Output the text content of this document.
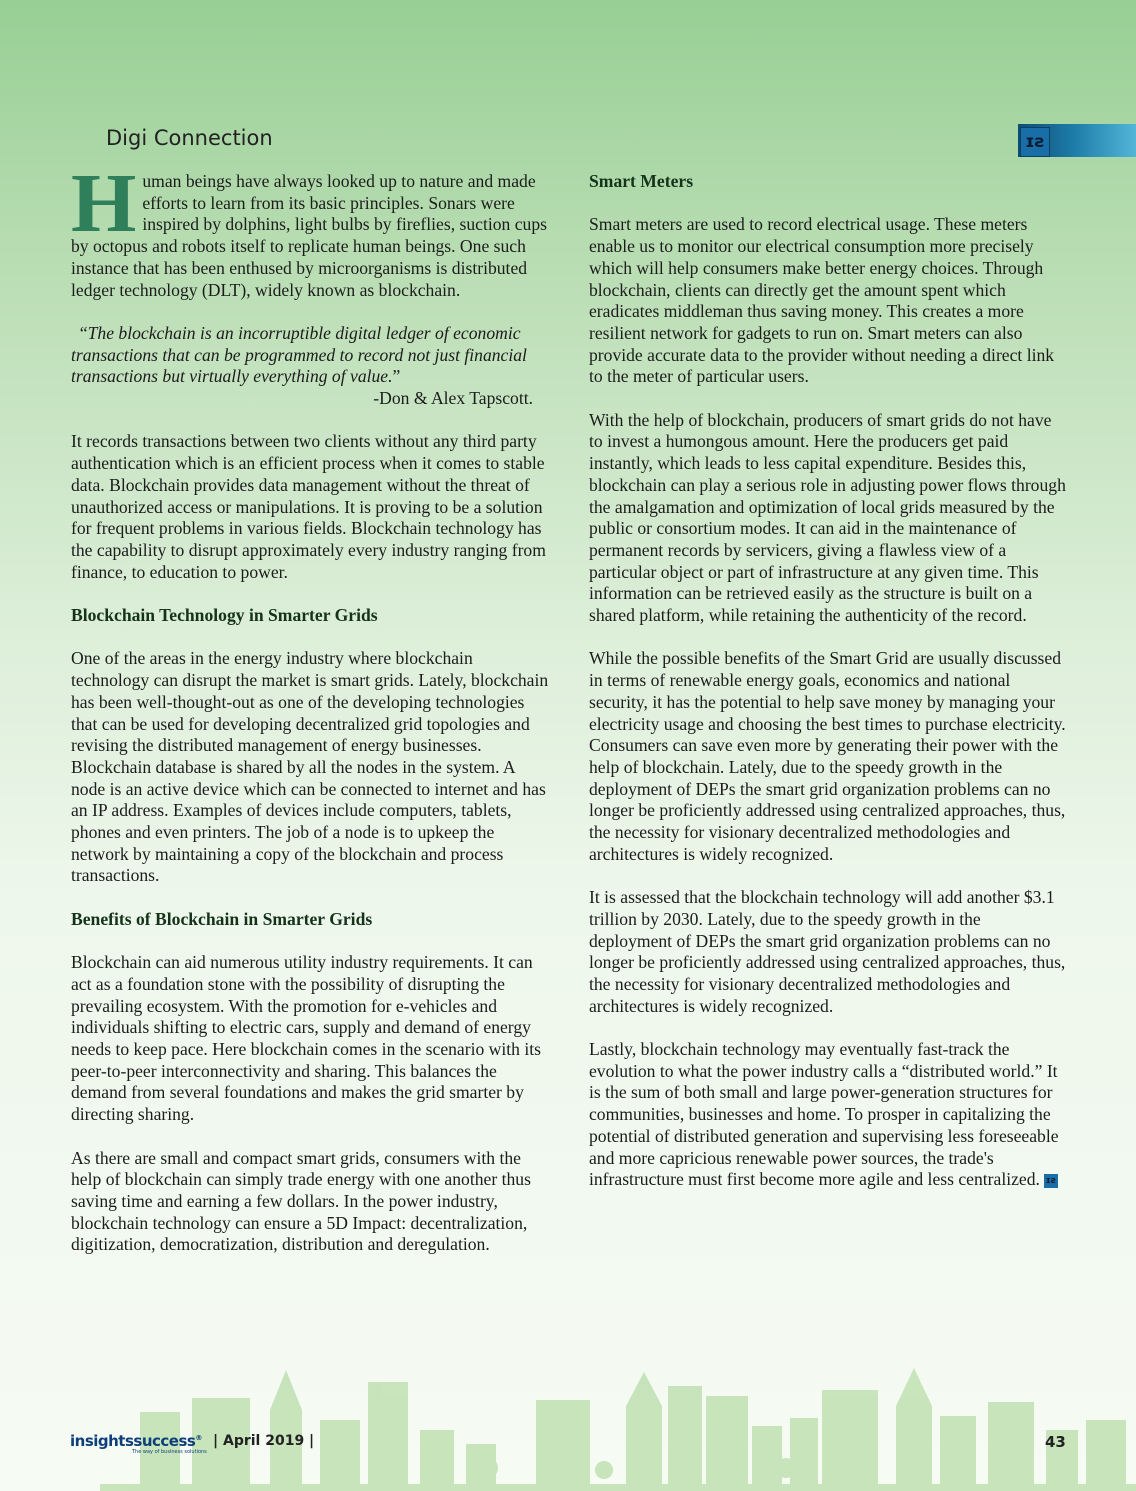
Digi Connection	ɪƨ

Human beings have always looked up to nature and made efforts to learn from its basic principles. Sonars were inspired by dolphins, light bulbs by fireflies, suction cups by octopus and robots itself to replicate human beings. One such instance that has been enthused by microorganisms is distributed ledger technology (DLT), widely known as blockchain.

“The blockchain is an incorruptible digital ledger of economic transactions that can be programmed to record not just financial transactions but virtually everything of value.”

-Don & Alex Tapscott.

It records transactions between two clients without any third party authentication which is an efficient process when it comes to stable data. Blockchain provides data management without the threat of unauthorized access or manipulations. It is proving to be a solution for frequent problems in various fields. Blockchain technology has the capability to disrupt approximately every industry ranging from finance, to education to power.

Blockchain Technology in Smarter Grids

One of the areas in the energy industry where blockchain technology can disrupt the market is smart grids. Lately, blockchain has been well-thought-out as one of the developing technologies that can be used for developing decentralized grid topologies and revising the distributed management of energy businesses. Blockchain database is shared by all the nodes in the system. A node is an active device which can be connected to internet and has an IP address. Examples of devices include computers, tablets, phones and even printers. The job of a node is to upkeep the network by maintaining a copy of the blockchain and process transactions.

Benefits of Blockchain in Smarter Grids

Blockchain can aid numerous utility industry requirements. It can act as a foundation stone with the possibility of disrupting the prevailing ecosystem. With the promotion for e-vehicles and individuals shifting to electric cars, supply and demand of energy needs to keep pace. Here blockchain comes in the scenario with its peer-to-peer interconnectivity and sharing. This balances the demand from several foundations and makes the grid smarter by directing sharing.

As there are small and compact smart grids, consumers with the help of blockchain can simply trade energy with one another thus saving time and earning a few dollars. In the power industry, blockchain technology can ensure a 5D Impact: decentralization, digitization, democratization, distribution and deregulation.

Smart Meters

Smart meters are used to record electrical usage. These meters enable us to monitor our electrical consumption more precisely which will help consumers make better energy choices. Through blockchain, clients can directly get the amount spent which eradicates middleman thus saving money. This creates a more resilient network for gadgets to run on. Smart meters can also provide accurate data to the provider without needing a direct link to the meter of particular users.

With the help of blockchain, producers of smart grids do not have to invest a humongous amount. Here the producers get paid instantly, which leads to less capital expenditure. Besides this, blockchain can play a serious role in adjusting power flows through the amalgamation and optimization of local grids measured by the public or consortium modes. It can aid in the maintenance of permanent records by servicers, giving a flawless view of a particular object or part of infrastructure at any given time. This information can be retrieved easily as the structure is built on a shared platform, while retaining the authenticity of the record.

While the possible benefits of the Smart Grid are usually discussed in terms of renewable energy goals, economics and national security, it has the potential to help save money by managing your electricity usage and choosing the best times to purchase electricity. Consumers can save even more by generating their power with the help of blockchain. Lately, due to the speedy growth in the deployment of DEPs the smart grid organization problems can no longer be proficiently addressed using centralized approaches, thus, the necessity for visionary decentralized methodologies and architectures is widely recognized.

It is assessed that the blockchain technology will add another $3.1 trillion by 2030. Lately, due to the speedy growth in the deployment of DEPs the smart grid organization problems can no longer be proficiently addressed using centralized approaches, thus, the necessity for visionary decentralized methodologies and architectures is widely recognized.

Lastly, blockchain technology may eventually fast-track the evolution to what the power industry calls a “distributed world.” It is the sum of both small and large power-generation structures for communities, businesses and home. To prosper in capitalizing the potential of distributed generation and supervising less foreseeable and more capricious renewable power sources, the trade's infrastructure must first become more agile and less centralized. ɪƨ

insightssuccess®
The way of business solutions
| April 2019 |	43
